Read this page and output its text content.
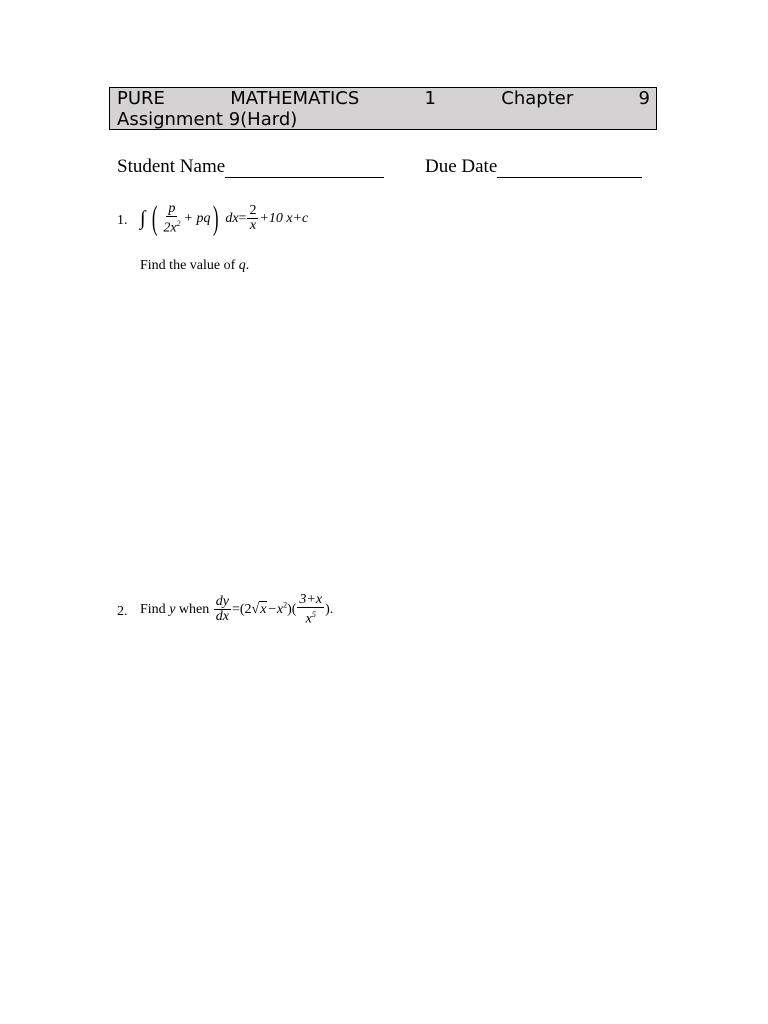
PURE	MATHEMATICS	1	Chapter	9
Assignment 9(Hard)
Student Name	Due Date
1. ∫ ( $\frac{p}{2x^2} + pq$) $dx= \frac{2}{x} +10$ x+c
Find the value of q.
2. Find y when $\frac{dy}{dx} =(2√x-x^2)( \frac{3+x}{x^5}$ ).
